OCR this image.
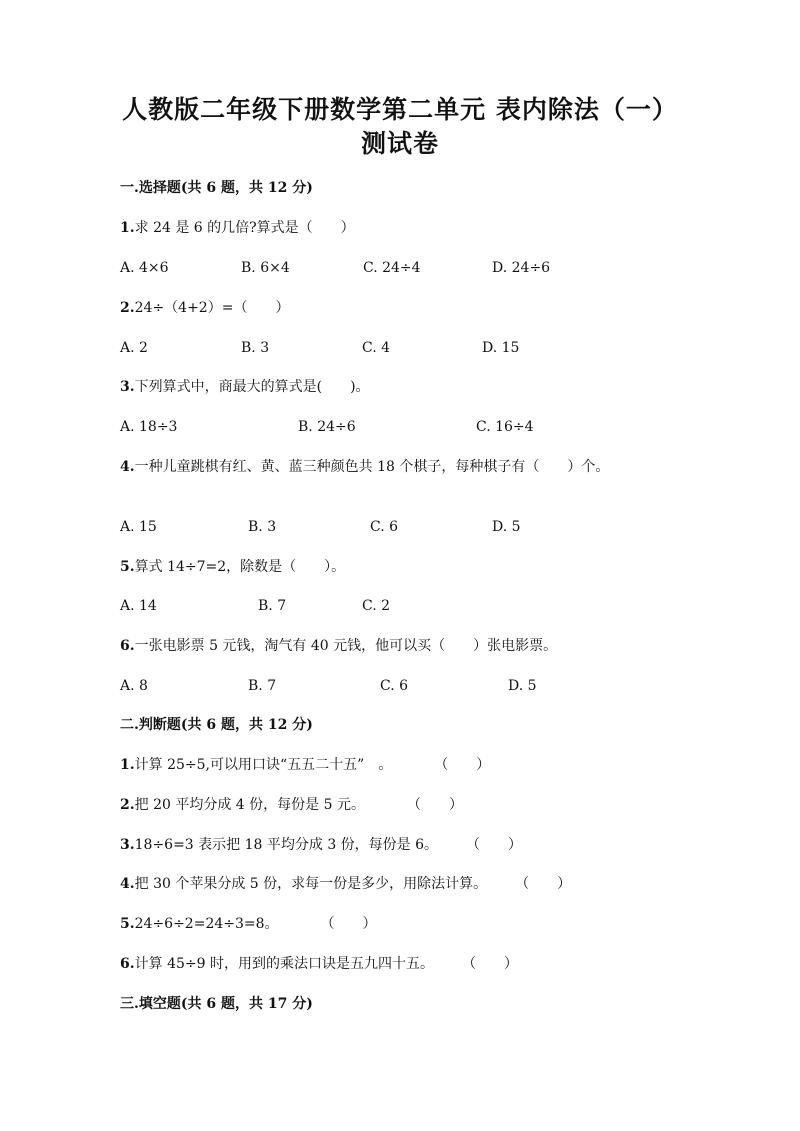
人教版二年级下册数学第二单元 表内除法（一）
测试卷
一.选择题(共 6 题，共 12 分)
1.求 24 是 6 的几倍?算式是（　　）
A. 4×6	B. 6×4	C. 24÷4	D. 24÷6
2.24÷（4+2）=（　　）
A. 2	B. 3	C. 4	D. 15
3.下列算式中，商最大的算式是(　　)。
A. 18÷3	B. 24÷6	C. 16÷4
4.一种儿童跳棋有红、黄、蓝三种颜色共 18 个棋子，每种棋子有（　　）个。
A. 15	B. 3	C. 6	D. 5
5.算式 14÷7=2，除数是（　　）。
A. 14	B. 7	C. 2
6.一张电影票 5 元钱，淘气有 40 元钱，他可以买（　　）张电影票。
A. 8	B. 7	C. 6	D. 5
二.判断题(共 6 题，共 12 分)
1.计算 25÷5,可以用口诀“五五二十五”　。　　　　（　　）
2.把 20 平均分成 4 份，每份是 5 元。　　　　（　　）
3.18÷6=3 表示把 18 平均分成 3 份，每份是 6。　　　（　　）
4.把 30 个苹果分成 5 份，求每一份是多少，用除法计算。　　　（　　）
5.24÷6÷2=24÷3=8。　　　　（　　）
6.计算 45÷9 时，用到的乘法口诀是五九四十五。　　　（　　）
三.填空题(共 6 题，共 17 分)
